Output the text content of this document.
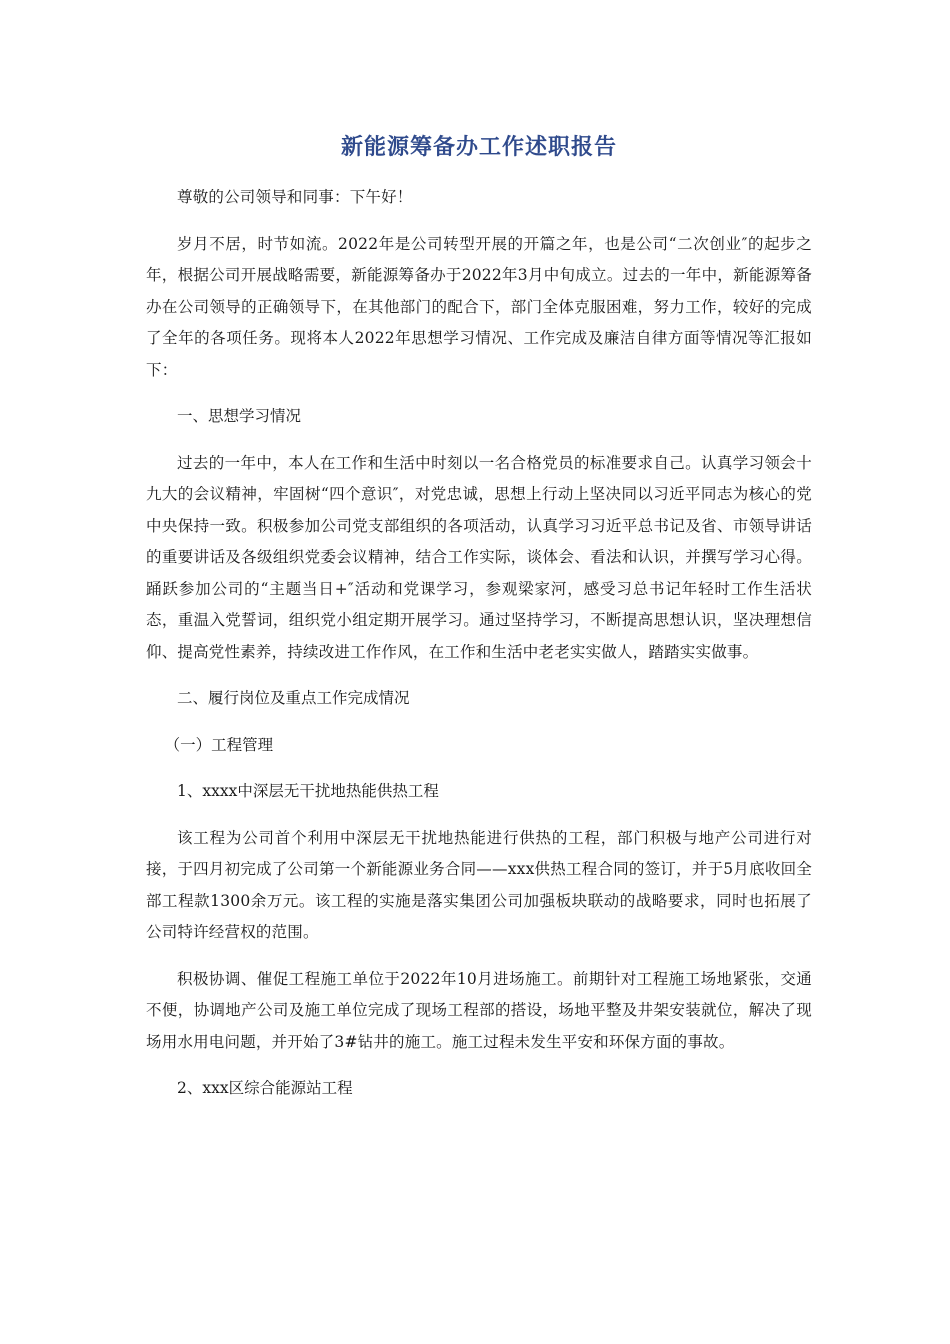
新能源筹备办工作述职报告

尊敬的公司领导和同事：下午好！

岁月不居，时节如流。2022年是公司转型开展的开篇之年，也是公司“二次创业″的起步之年，根据公司开展战略需要，新能源筹备办于2022年3月中旬成立。过去的一年中，新能源筹备办在公司领导的正确领导下，在其他部门的配合下，部门全体克服困难，努力工作，较好的完成了全年的各项任务。现将本人2022年思想学习情况、工作完成及廉洁自律方面等情况等汇报如下：

一、思想学习情况

过去的一年中，本人在工作和生活中时刻以一名合格党员的标准要求自己。认真学习领会十九大的会议精神，牢固树“四个意识″，对党忠诚，思想上行动上坚决同以习近平同志为核心的党中央保持一致。积极参加公司党支部组织的各项活动，认真学习习近平总书记及省、市领导讲话的重要讲话及各级组织党委会议精神，结合工作实际，谈体会、看法和认识，并撰写学习心得。踊跃参加公司的“主题当日+″活动和党课学习，参观梁家河，感受习总书记年轻时工作生活状态，重温入党誓词，组织党小组定期开展学习。通过坚持学习，不断提高思想认识，坚决理想信仰、提高党性素养，持续改进工作作风，在工作和生活中老老实实做人，踏踏实实做事。

二、履行岗位及重点工作完成情况

（一）工程管理

1、xxxx中深层无干扰地热能供热工程

该工程为公司首个利用中深层无干扰地热能进行供热的工程，部门积极与地产公司进行对接，于四月初完成了公司第一个新能源业务合同——xxx供热工程合同的签订，并于5月底收回全部工程款1300余万元。该工程的实施是落实集团公司加强板块联动的战略要求，同时也拓展了公司特许经营权的范围。

积极协调、催促工程施工单位于2022年10月进场施工。前期针对工程施工场地紧张，交通不便，协调地产公司及施工单位完成了现场工程部的搭设，场地平整及井架安装就位，解决了现场用水用电问题，并开始了3#钻井的施工。施工过程未发生平安和环保方面的事故。

2、xxx区综合能源站工程
